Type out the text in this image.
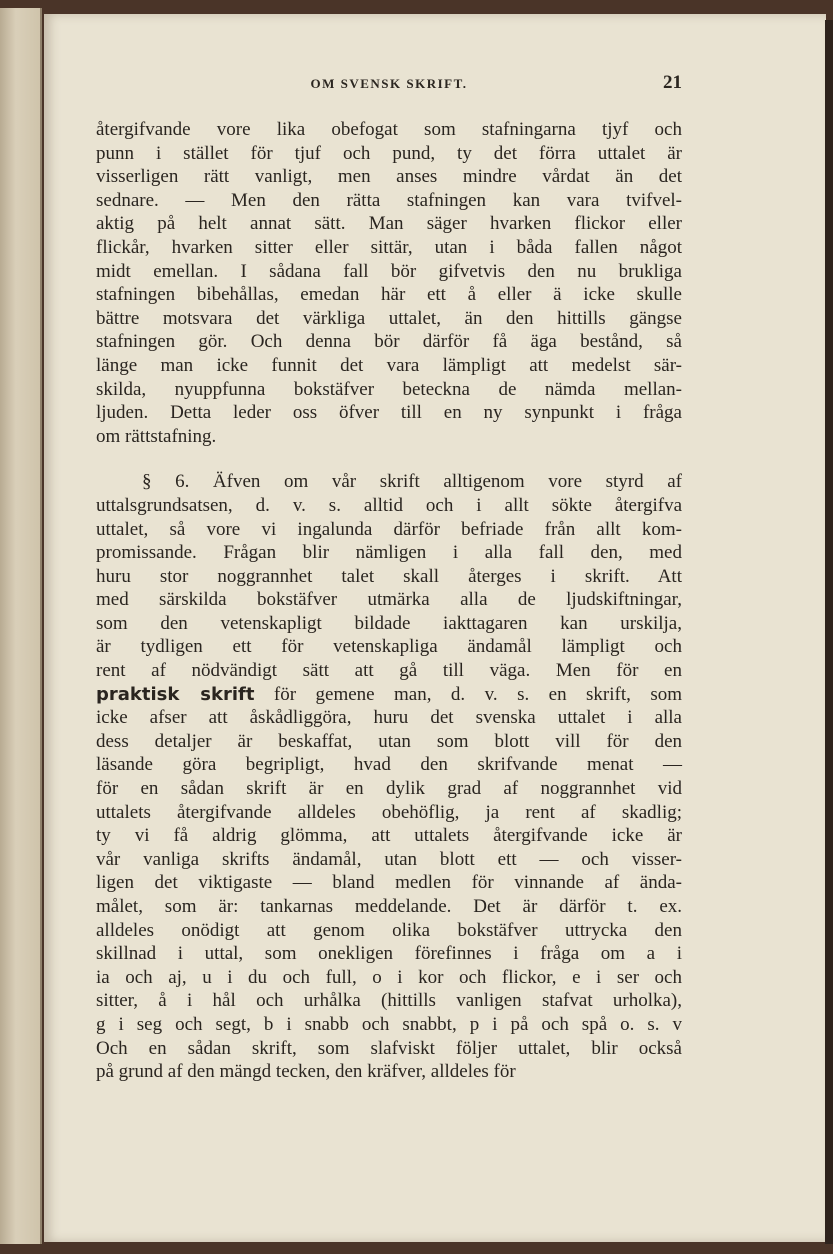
OM SVENSK SKRIFT.	21
återgifvande vore lika obefogat som stafningarna tjyf och
punn i stället för tjuf och pund, ty det förra uttalet är
visserligen rätt vanligt, men anses mindre vårdat än det
sednare. — Men den rätta stafningen kan vara tvifvel-
aktig på helt annat sätt. Man säger hvarken flickor eller
flickår, hvarken sitter eller sittär, utan i båda fallen något
midt emellan. I sådana fall bör gifvetvis den nu brukliga
stafningen bibehållas, emedan här ett å eller ä icke skulle
bättre motsvara det värkliga uttalet, än den hittills gängse
stafningen gör. Och denna bör därför få äga bestånd, så
länge man icke funnit det vara lämpligt att medelst sär-
skilda, nyuppfunna bokstäfver beteckna de nämda mellan-
ljuden. Detta leder oss öfver till en ny synpunkt i fråga
om rättstafning.
§ 6. Äfven om vår skrift alltigenom vore styrd af
uttalsgrundsatsen, d. v. s. alltid och i allt sökte återgifva
uttalet, så vore vi ingalunda därför befriade från allt kom-
promissande. Frågan blir nämligen i alla fall den, med
huru stor noggrannhet talet skall återges i skrift. Att
med särskilda bokstäfver utmärka alla de ljudskiftningar,
som den vetenskapligt bildade iakttagaren kan urskilja,
är tydligen ett för vetenskapliga ändamål lämpligt och
rent af nödvändigt sätt att gå till väga. Men för en
praktisk skrift för gemene man, d. v. s. en skrift, som
icke afser att åskådliggöra, huru det svenska uttalet i alla
dess detaljer är beskaffat, utan som blott vill för den
läsande göra begripligt, hvad den skrifvande menat —
för en sådan skrift är en dylik grad af noggrannhet vid
uttalets återgifvande alldeles obehöflig, ja rent af skadlig;
ty vi få aldrig glömma, att uttalets återgifvande icke är
vår vanliga skrifts ändamål, utan blott ett — och visser-
ligen det viktigaste — bland medlen för vinnande af ända-
målet, som är: tankarnas meddelande. Det är därför t. ex.
alldeles onödigt att genom olika bokstäfver uttrycka den
skillnad i uttal, som onekligen förefinnes i fråga om a i
ia och aj, u i du och full, o i kor och flickor, e i ser och
sitter, å i hål och urhålka (hittills vanligen stafvat urholka),
g i seg och segt, b i snabb och snabbt, p i på och spå o. s. v
Och en sådan skrift, som slafviskt följer uttalet, blir också
på grund af den mängd tecken, den kräfver, alldeles för
